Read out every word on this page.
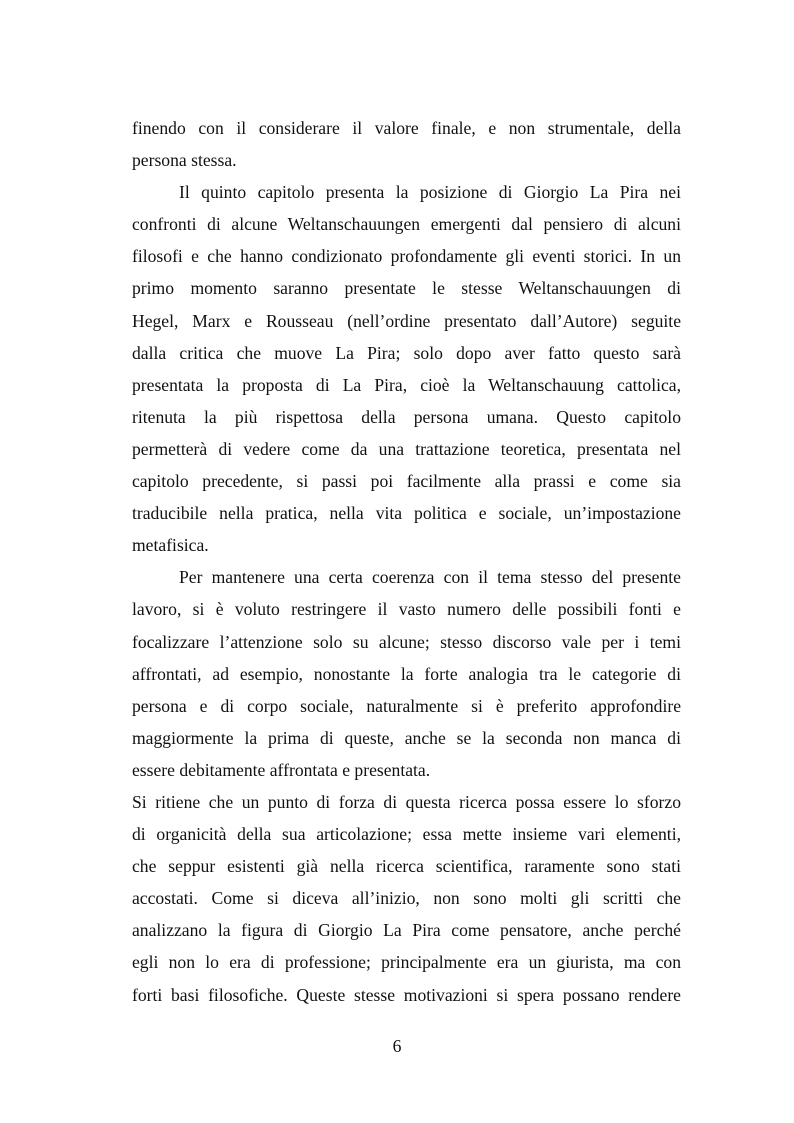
finendo con il considerare il valore finale, e non strumentale, della
persona stessa.
Il quinto capitolo presenta la posizione di Giorgio La Pira nei
confronti di alcune Weltanschauungen emergenti dal pensiero di alcuni
filosofi e che hanno condizionato profondamente gli eventi storici. In un
primo momento saranno presentate le stesse Weltanschauungen di
Hegel, Marx e Rousseau (nell’ordine presentato dall’Autore) seguite
dalla critica che muove La Pira; solo dopo aver fatto questo sarà
presentata la proposta di La Pira, cioè la Weltanschauung cattolica,
ritenuta la più rispettosa della persona umana. Questo capitolo
permetterà di vedere come da una trattazione teoretica, presentata nel
capitolo precedente, si passi poi facilmente alla prassi e come sia
traducibile nella pratica, nella vita politica e sociale, un’impostazione
metafisica.
Per mantenere una certa coerenza con il tema stesso del presente
lavoro, si è voluto restringere il vasto numero delle possibili fonti e
focalizzare l’attenzione solo su alcune; stesso discorso vale per i temi
affrontati, ad esempio, nonostante la forte analogia tra le categorie di
persona e di corpo sociale, naturalmente si è preferito approfondire
maggiormente la prima di queste, anche se la seconda non manca di
essere debitamente affrontata e presentata.
Si ritiene che un punto di forza di questa ricerca possa essere lo sforzo
di organicità della sua articolazione; essa mette insieme vari elementi,
che seppur esistenti già nella ricerca scientifica, raramente sono stati
accostati. Come si diceva all’inizio, non sono molti gli scritti che
analizzano la figura di Giorgio La Pira come pensatore, anche perché
egli non lo era di professione; principalmente era un giurista, ma con
forti basi filosofiche. Queste stesse motivazioni si spera possano rendere
6
